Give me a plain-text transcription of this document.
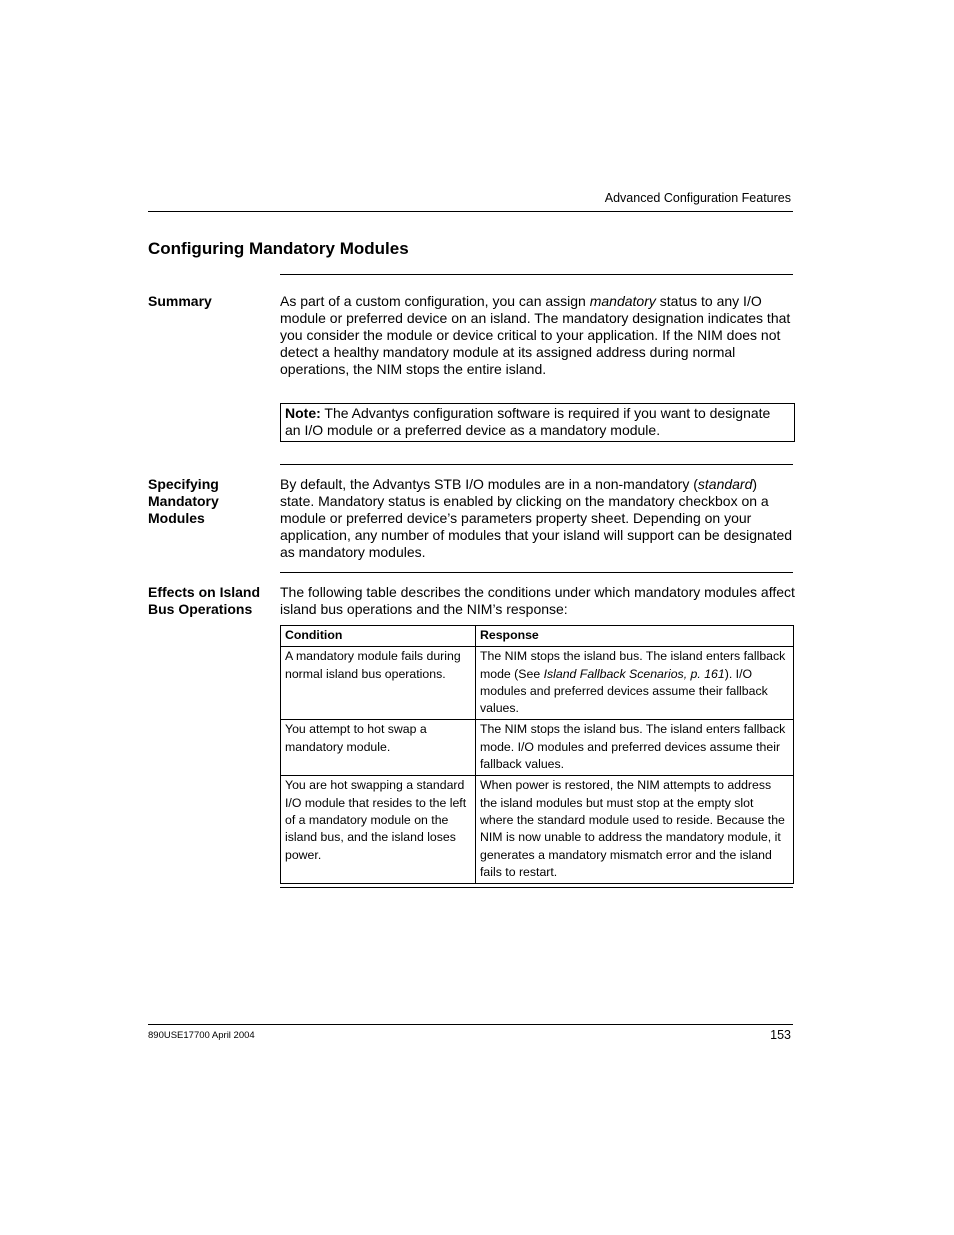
Advanced Configuration Features
Configuring Mandatory Modules
Summary	As part of a custom configuration, you can assign mandatory status to any I/O module or preferred device on an island. The mandatory designation indicates that you consider the module or device critical to your application. If the NIM does not detect a healthy mandatory module at its assigned address during normal operations, the NIM stops the entire island.
Note: The Advantys configuration software is required if you want to designate an I/O module or a preferred device as a mandatory module.
Specifying
Mandatory
Modules
By default, the Advantys STB I/O modules are in a non-mandatory (standard) state. Mandatory status is enabled by clicking on the mandatory checkbox on a module or preferred device’s parameters property sheet. Depending on your application, any number of modules that your island will support can be designated as mandatory modules.
Effects on Island
Bus Operations
The following table describes the conditions under which mandatory modules affect island bus operations and the NIM’s response:
Condition	Response
A mandatory module fails during normal island bus operations.	The NIM stops the island bus. The island enters fallback mode (See Island Fallback Scenarios, p. 161). I/O modules and preferred devices assume their fallback values.
You attempt to hot swap a mandatory module.	The NIM stops the island bus. The island enters fallback mode. I/O modules and preferred devices assume their fallback values.
You are hot swapping a standard I/O module that resides to the left of a mandatory module on the island bus, and the island loses power.	When power is restored, the NIM attempts to address the island modules but must stop at the empty slot where the standard module used to reside. Because the NIM is now unable to address the mandatory module, it generates a mandatory mismatch error and the island fails to restart.
890USE17700 April 2004	153
